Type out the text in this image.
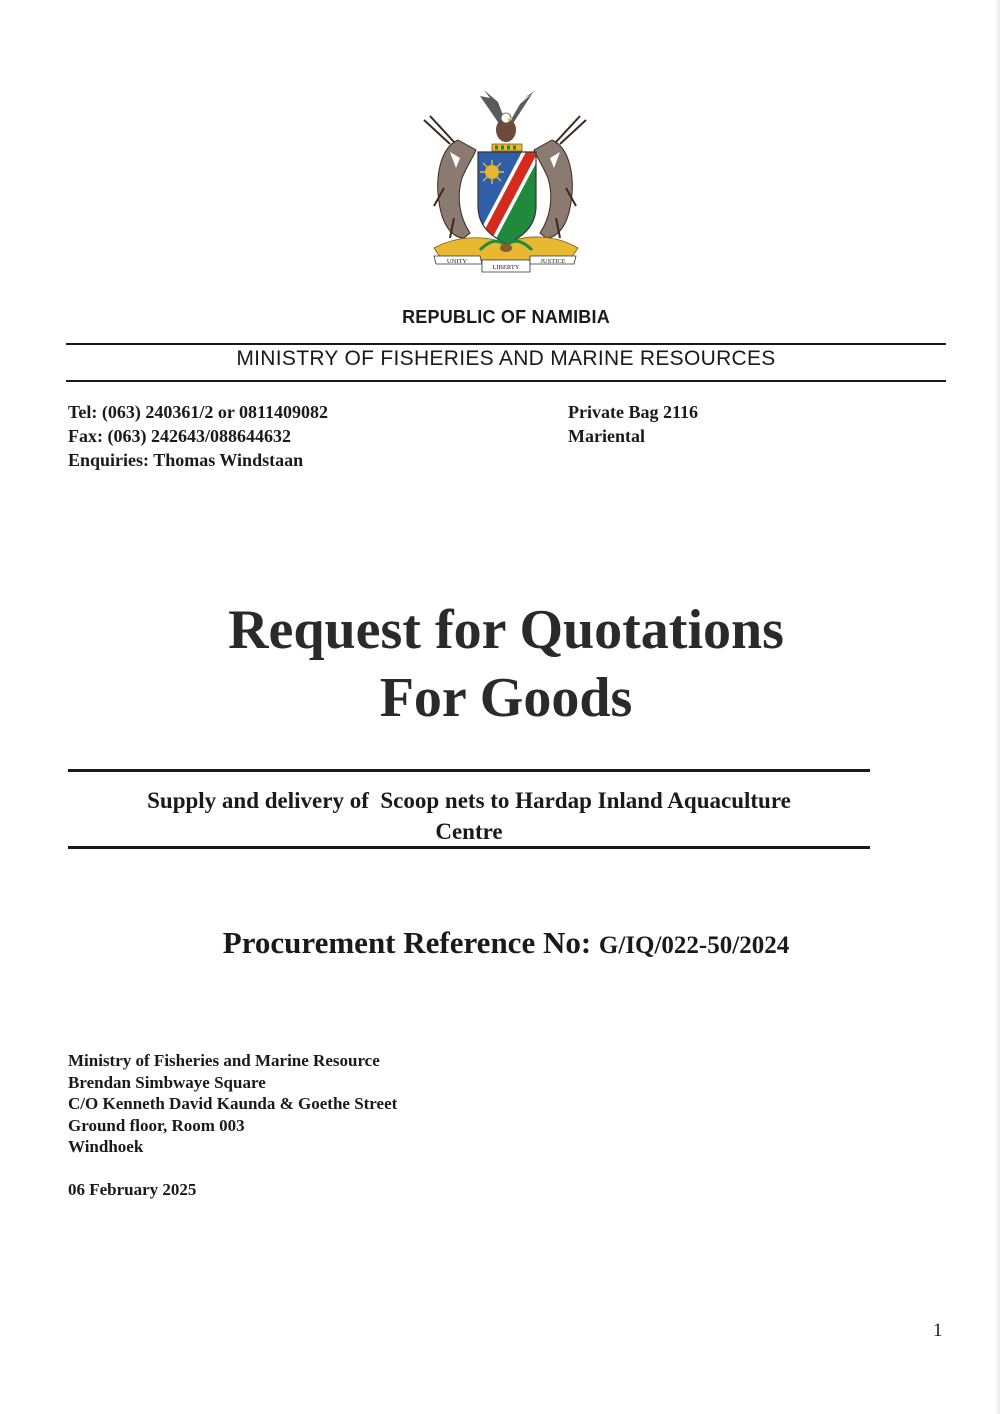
UNITY
LIBERTY
JUSTICE
REPUBLIC OF NAMIBIA
MINISTRY OF FISHERIES AND MARINE RESOURCES
Tel: (063) 240361/2 or 0811409082
Fax: (063) 242643/088644632
Enquiries: Thomas Windstaan
Private Bag 2116
Mariental
Request for Quotations
For Goods
Supply and delivery of  Scoop nets to Hardap Inland Aquaculture
Centre
Procurement Reference No: G/IQ/022-50/2024
Ministry of Fisheries and Marine Resource
Brendan Simbwaye Square
C/O Kenneth David Kaunda & Goethe Street
Ground floor, Room 003
Windhoek
06 February 2025
1
